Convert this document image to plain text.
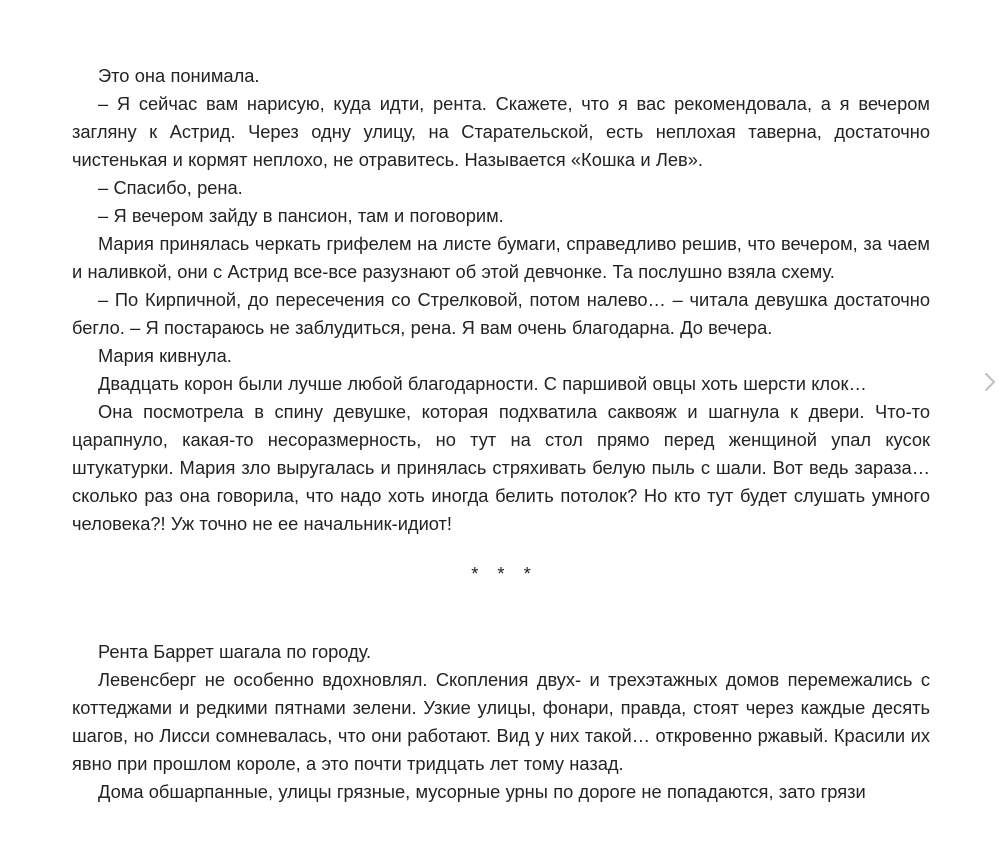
Это она понимала.

– Я сейчас вам нарисую, куда идти, рента. Скажете, что я вас рекомендовала, а я вечером загляну к Астрид. Через одну улицу, на Старательской, есть неплохая таверна, достаточно чистенькая и кормят неплохо, не отравитесь. Называется «Кошка и Лев».

– Спасибо, рена.

– Я вечером зайду в пансион, там и поговорим.

Мария принялась черкать грифелем на листе бумаги, справедливо решив, что вечером, за чаем и наливкой, они с Астрид все-все разузнают об этой девчонке. Та послушно взяла схему.

– По Кирпичной, до пересечения со Стрелковой, потом налево… – читала девушка достаточно бегло. – Я постараюсь не заблудиться, рена. Я вам очень благодарна. До вечера.

Мария кивнула.

Двадцать корон были лучше любой благодарности. С паршивой овцы хоть шерсти клок…

Она посмотрела в спину девушке, которая подхватила саквояж и шагнула к двери. Что-то царапнуло, какая-то несоразмерность, но тут на стол прямо перед женщиной упал кусок штукатурки. Мария зло выругалась и принялась стряхивать белую пыль с шали. Вот ведь зараза… сколько раз она говорила, что надо хоть иногда белить потолок? Но кто тут будет слушать умного человека?! Уж точно не ее начальник-идиот!

* * *

Рента Баррет шагала по городу.

Левенсберг не особенно вдохновлял. Скопления двух- и трехэтажных домов перемежались с коттеджами и редкими пятнами зелени. Узкие улицы, фонари, правда, стоят через каждые десять шагов, но Лисси сомневалась, что они работают. Вид у них такой… откровенно ржавый. Красили их явно при прошлом короле, а это почти тридцать лет тому назад.

Дома обшарпанные, улицы грязные, мусорные урны по дороге не попадаются, зато грязи
